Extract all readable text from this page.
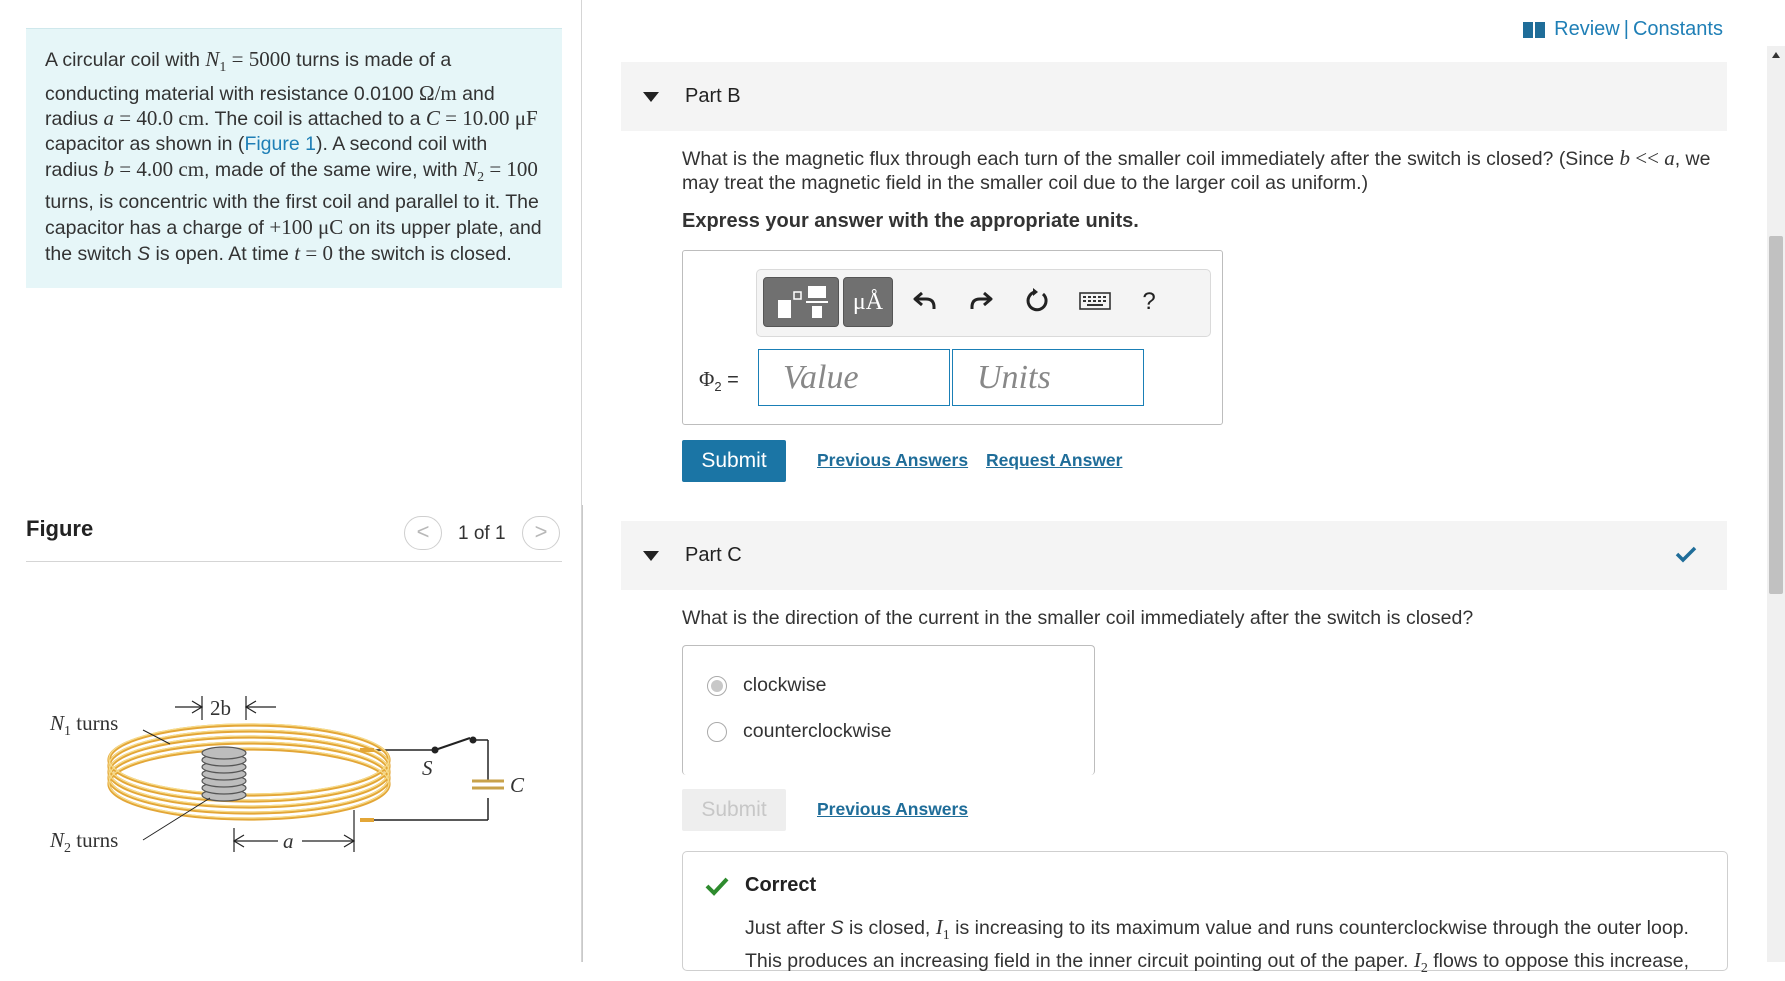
A circular coil with $N_1 = 5000$ turns is made of a conducting material with resistance 0.0100 Ω/m and radius a = 40.0 cm. The coil is attached to a C = 10.00 μF capacitor as shown in (Figure 1). A second coil with radius b = 4.00 cm, made of the same wire, with $N_2 = 100$ turns, is concentric with the first coil and parallel to it. The capacitor has a charge of +100 μC on its upper plate, and the switch S is open. At time t = 0 the switch is closed.
Figure	<	1 of 1	>
2b
a
$N_1$ turns
$N_2$ turns
S
C
Review | Constants
Part B
What is the magnetic flux through each turn of the smaller coil immediately after the switch is closed? (Since b << a, we may treat the magnetic field in the smaller coil due to the larger coil as uniform.)
Express your answer with the appropriate units.
μÅ	?
$\Phi_2$ =	Value	Units
Submit	Previous Answers Request Answer
Part C
What is the direction of the current in the smaller coil immediately after the switch is closed?
clockwise
counterclockwise
Submit	Previous Answers
Correct
Just after S is closed, $I_1$ is increasing to its maximum value and runs counterclockwise through the outer loop. This produces an increasing field in the inner circuit pointing out of the paper. $I_2$ flows to oppose this increase,
